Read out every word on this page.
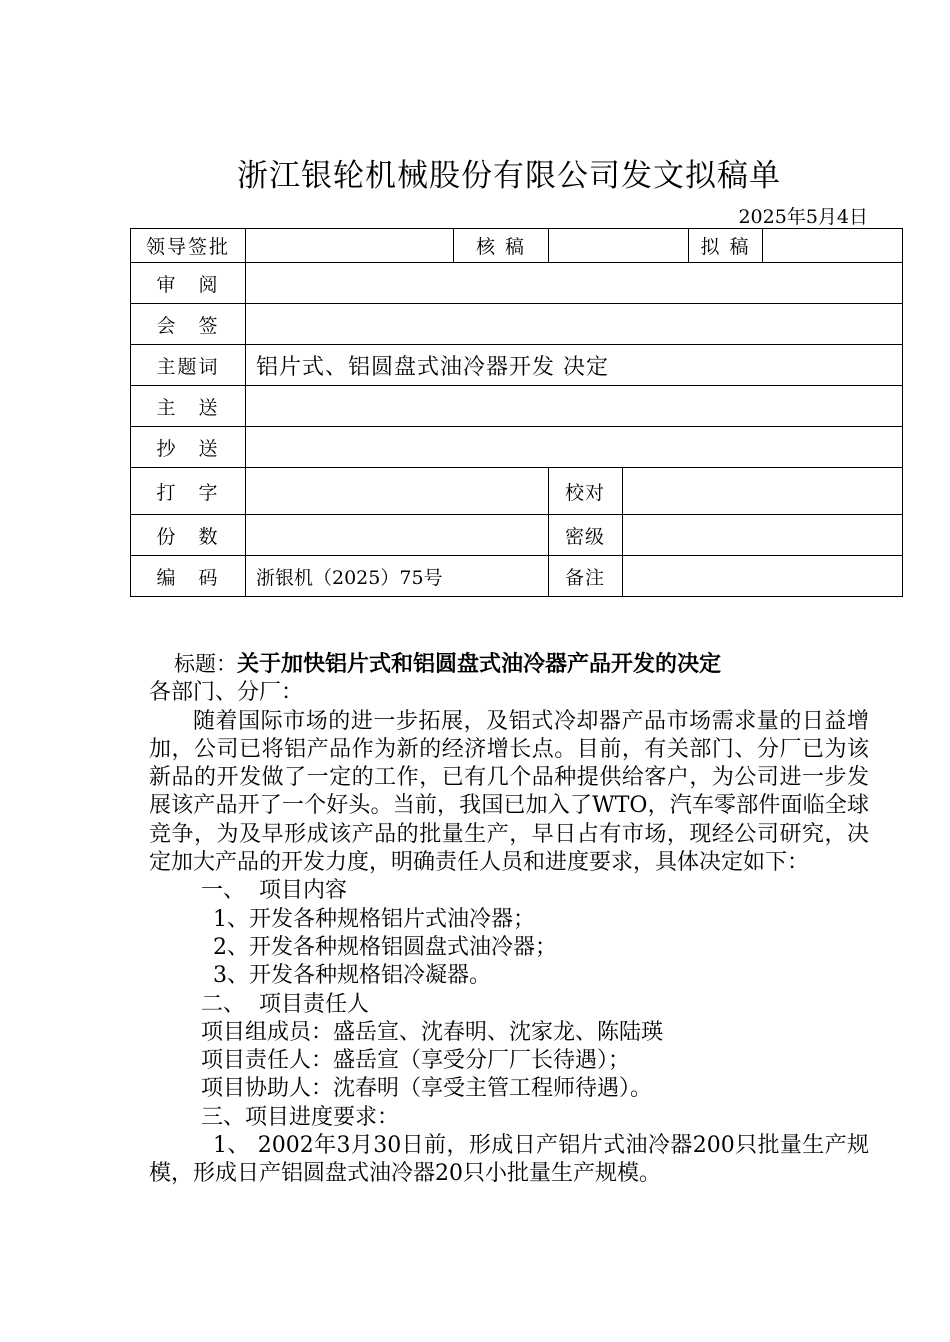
浙江银轮机械股份有限公司发文拟稿单
2025年5月4日
领导签批		核 稿			拟 稿	
审　阅						
会　签						
主题词	铝片式、铝圆盘式油冷器开发 决定					
主　送						
抄　送						
打　字			校对			
份　数			密级			
编　码	浙银机（2025）75号		备注			

标题：关于加快铝片式和铝圆盘式油冷器产品开发的决定

各部门、分厂：

随着国际市场的进一步拓展，及铝式冷却器产品市场需求量的日益增加，公司已将铝产品作为新的经济增长点。目前，有关部门、分厂已为该新品的开发做了一定的工作，已有几个品种提供给客户，为公司进一步发展该产品开了一个好头。当前，我国已加入了WTO，汽车零部件面临全球竞争，为及早形成该产品的批量生产，早日占有市场，现经公司研究，决定加大产品的开发力度，明确责任人员和进度要求，具体决定如下：

一、 项目内容

1、开发各种规格铝片式油冷器；

2、开发各种规格铝圆盘式油冷器；

3、开发各种规格铝冷凝器。

二、 项目责任人

项目组成员：盛岳宣、沈春明、沈家龙、陈陆瑛

项目责任人：盛岳宣（享受分厂厂长待遇）；

项目协助人：沈春明（享受主管工程师待遇）。

三、项目进度要求：

1、 2002年3月30日前，形成日产铝片式油冷器200只批量生产规模，形成日产铝圆盘式油冷器20只小批量生产规模。
